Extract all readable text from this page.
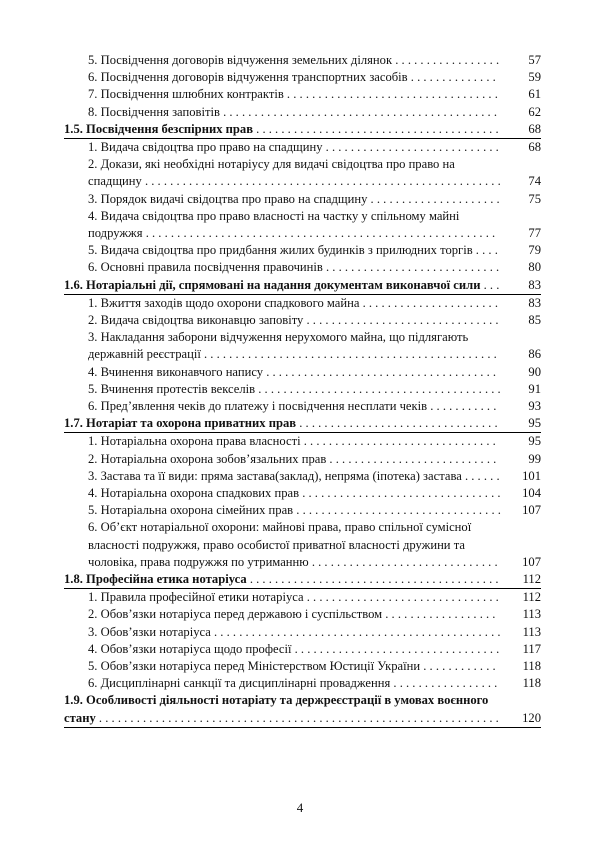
5. Посвідчення договорів відчуження земельних ділянок . . .	57

6. Посвідчення договорів відчуження транспортних засобів . . .	59

7. Посвідчення шлюбних контрактів . . .	61

8. Посвідчення заповітів . . .	62

1.5. Посвідчення безспірних прав . . .	68

1. Видача свідоцтва про право на спадщину . . .	68

2. Докази, які необхідні нотаріусу для видачі свідоцтва про право на спадщину . . .	74

3. Порядок видачі свідоцтва про право на спадщину . . .	75

4. Видача свідоцтва про право власності на частку у спільному майні подружжя . . .	77

5. Видача свідоцтва про придбання жилих будинків з прилюдних торгів . . .	79

6. Основні правила посвідчення правочинів . . .	80

1.6. Нотаріальні дії, спрямовані на надання документам виконавчої сили . . .	83

1. Вжиття заходів щодо охорони спадкового майна . . .	83

2. Видача свідоцтва виконавцю заповіту . . .	85

3. Накладання заборони відчуження нерухомого майна, що підлягають державній реєстрації . . .	86

4. Вчинення виконавчого напису . . .	90

5. Вчинення протестів векселів . . .	91

6. Пред’явлення чеків до платежу і посвідчення несплати чеків . . .	93

1.7. Нотаріат та охорона приватних прав . . .	95

1. Нотаріальна охорона права власності . . .	95

2. Нотаріальна охорона зобов’язальних прав . . .	99

3. Застава та її види: пряма застава(заклад), непряма (іпотека) застава . . .	101

4. Нотаріальна охорона спадкових прав . . .	104

5. Нотаріальна охорона сімейних прав . . .	107

6. Об’єкт нотаріальної охорони: майнові права, право спільної сумісної власності подружжя, право особистої приватної власності дружини та чоловіка, права подружжя по утриманню . . .	107

1.8. Професійна етика нотаріуса . . .	112

1. Правила професійної етики нотаріуса . . .	112

2. Обов’язки нотаріуса перед державою і суспільством . . .	113

3. Обов’язки нотаріуса . . .	113

4. Обов’язки нотаріуса щодо професії . . .	117

5. Обов’язки нотаріуса перед Міністерством Юстиції України . . .	118

6. Дисциплінарні санкції та дисциплінарні провадження . . .	118

1.9. Особливості діяльності нотаріату та держреєстрації в умовах воєнного стану . . .	120
4
